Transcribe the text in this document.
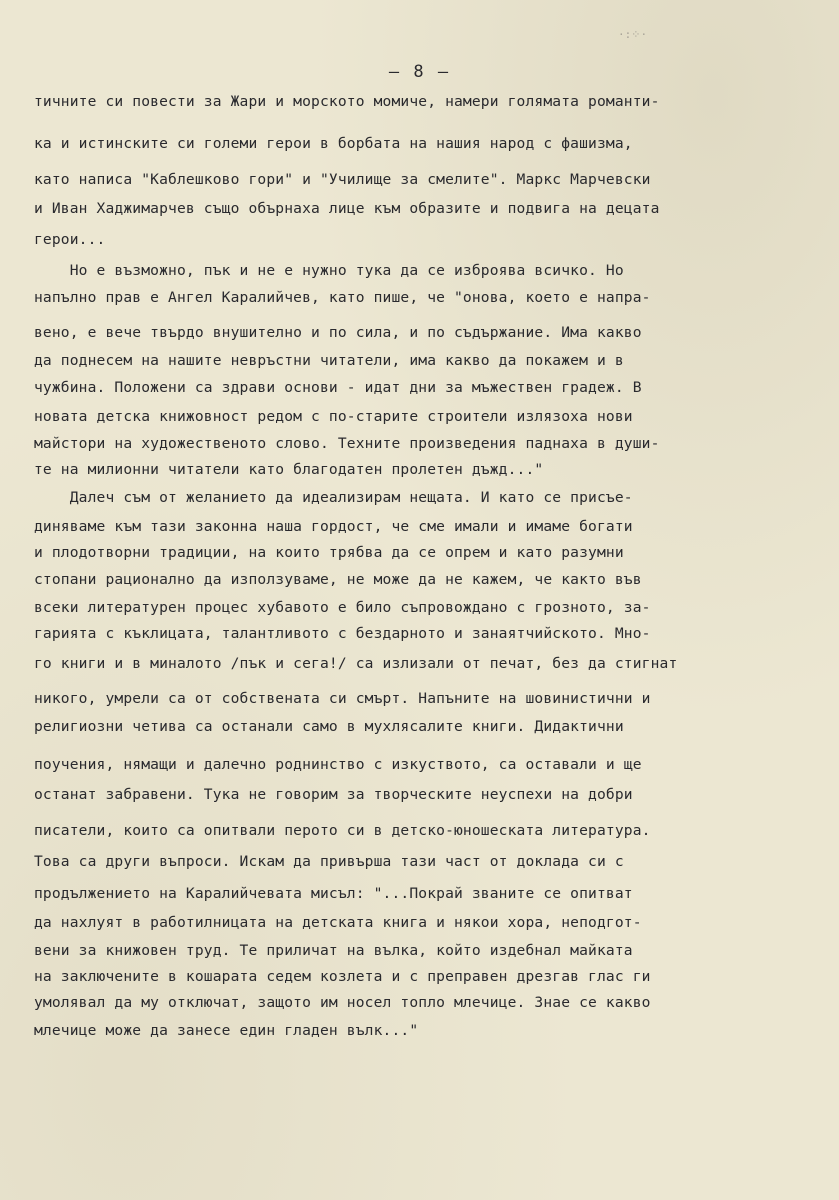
·:⁘·
– 8 –
тичните си повести за Жари и морското момиче, намери голямата романти-
ка и истинските си големи герои в борбата на нашия народ с фашизма,
като написа "Каблешково гори" и "Училище за смелите". Маркс Марчевски
и Иван Хаджимарчев също обърнаха лице към образите и подвига на децата
герои...
Но е възможно, пък и не е нужно тука да се изброява всичко. Но
напълно прав е Ангел Каралийчев, като пише, че "онова, което е напра-
вено, е вече твърдо внушително и по сила, и по съдържание. Има какво
да поднесем на нашите невръстни читатели, има какво да покажем и в
чужбина. Положени са здрави основи - идат дни за мъжествен градеж. В
новата детска книжовност редом с по-старите строители излязоха нови
майстори на художественото слово. Техните произведения паднаха в души-
те на милионни читатели като благодатен пролетен дъжд..."
Далеч съм от желанието да идеализирам нещата. И като се присъе-
диняваме към тази законна наша гордост, че сме имали и имаме богати
и плодотворни традиции, на които трябва да се опрем и като разумни
стопани рационално да използуваме, не може да не кажем, че както във
всеки литературен процес хубавото е било съпровождано с грозното, за-
гарията с къклицата, талантливото с бездарното и занаятчийското. Мно-
го книги и в миналото /пък и сега!/ са излизали от печат, без да стигнат
никого, умрели са от собствената си смърт. Напъните на шовинистични и
религиозни четива са останали само в мухлясалите книги. Дидактични
поучения, нямащи и далечно роднинство с изкуството, са оставали и ще
останат забравени. Тука не говорим за творческите неуспехи на добри
писатели, които са опитвали перото си в детско-юношеската литература.
Това са други въпроси. Искам да привърша тази част от доклада си с
продължението на Каралийчевата мисъл: "...Покрай званите се опитват
да нахлуят в работилницата на детската книга и някои хора, неподгот-
вени за книжовен труд. Те приличат на вълка, който издебнал майката
на заключените в кошарата седем козлета и с преправен дрезгав глас ги
умолявал да му отключат, защото им носел топло млечице. Знае се какво
млечице може да занесе един гладен вълк..."
